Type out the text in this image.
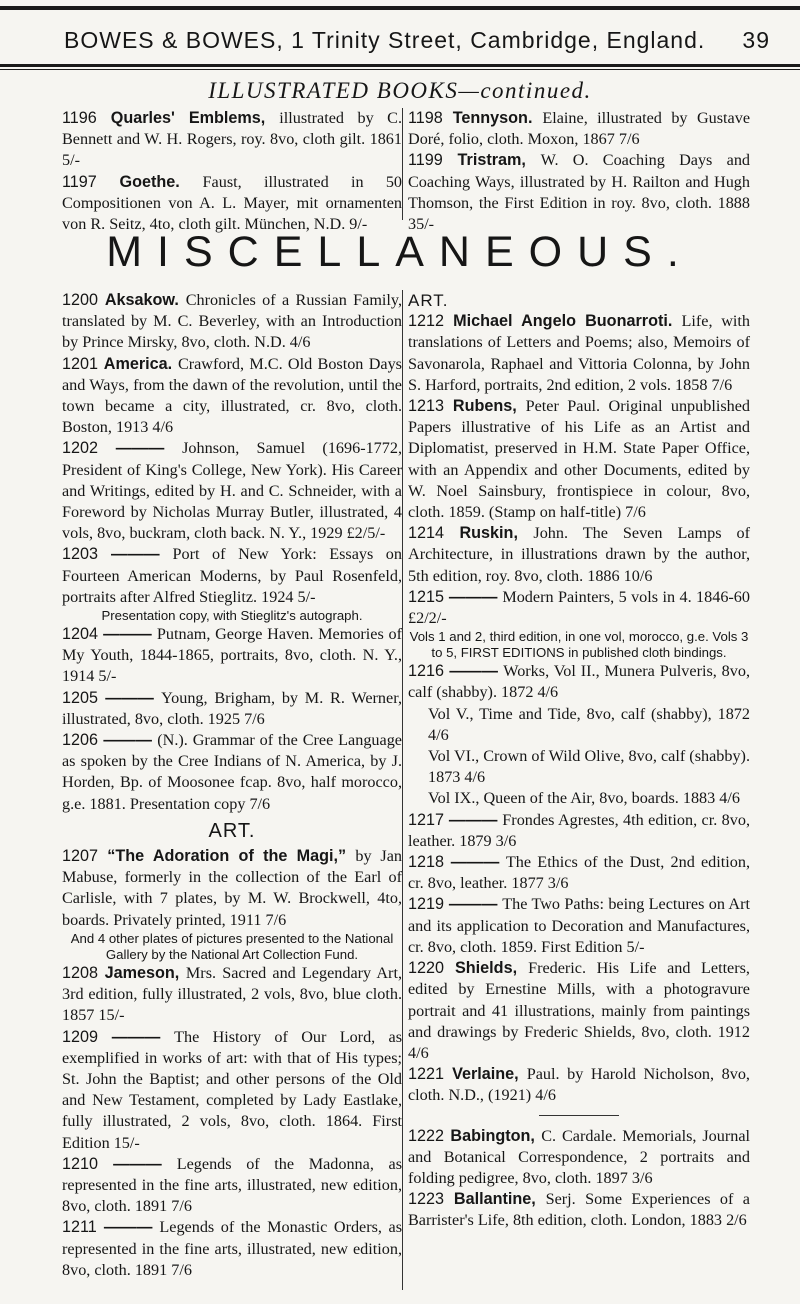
BOWES & BOWES, 1 Trinity Street, Cambridge, England. 39
ILLUSTRATED BOOKS—continued.
1196 Quarles' Emblems, illustrated by C. Bennett and W. H. Rogers, roy. 8vo, cloth gilt. 1861 5/-
1197 Goethe. Faust, illustrated in 50 Compositionen von A. L. Mayer, mit ornamenten von R. Seitz, 4to, cloth gilt. München, N.D. 9/-
1198 Tennyson. Elaine, illustrated by Gustave Doré, folio, cloth. Moxon, 1867 7/6
1199 Tristram, W. O. Coaching Days and Coaching Ways, illustrated by H. Railton and Hugh Thomson, the First Edition in roy. 8vo, cloth. 1888 35/-
MISCELLANEOUS.
1200 Aksakow. Chronicles of a Russian Family, translated by M. C. Beverley, with an Introduction by Prince Mirsky, 8vo, cloth. N.D. 4/6
1201 America. Crawford, M.C. Old Boston Days and Ways, from the dawn of the revolution, until the town became a city, illustrated, cr. 8vo, cloth. Boston, 1913 4/6
1202 ——— Johnson, Samuel (1696-1772, President of King's College, New York). His Career and Writings, edited by H. and C. Schneider, with a Foreword by Nicholas Murray Butler, illustrated, 4 vols, 8vo, buckram, cloth back. N. Y., 1929 £2/5/-
1203 ——— Port of New York: Essays on Fourteen American Moderns, by Paul Rosenfeld, portraits after Alfred Stieglitz. 1924 5/-
Presentation copy, with Stieglitz's autograph.
1204 ——— Putnam, George Haven. Memories of My Youth, 1844-1865, portraits, 8vo, cloth. N. Y., 1914 5/-
1205 ——— Young, Brigham, by M. R. Werner, illustrated, 8vo, cloth. 1925 7/6
1206 ——— (N.). Grammar of the Cree Language as spoken by the Cree Indians of N. America, by J. Horden, Bp. of Moosonee fcap. 8vo, half morocco, g.e. 1881. Presentation copy 7/6
ART.
1207 “The Adoration of the Magi,” by Jan Mabuse, formerly in the collection of the Earl of Carlisle, with 7 plates, by M. W. Brockwell, 4to, boards. Privately printed, 1911 7/6
And 4 other plates of pictures presented to the National Gallery by the National Art Collection Fund.
1208 Jameson, Mrs. Sacred and Legendary Art, 3rd edition, fully illustrated, 2 vols, 8vo, blue cloth. 1857 15/-
1209 ——— The History of Our Lord, as exemplified in works of art: with that of His types; St. John the Baptist; and other persons of the Old and New Testament, completed by Lady Eastlake, fully illustrated, 2 vols, 8vo, cloth. 1864. First Edition 15/-
1210 ——— Legends of the Madonna, as represented in the fine arts, illustrated, new edition, 8vo, cloth. 1891 7/6
1211 ——— Legends of the Monastic Orders, as represented in the fine arts, illustrated, new edition, 8vo, cloth. 1891 7/6
ART.
1212 Michael Angelo Buonarroti. Life, with translations of Letters and Poems; also, Memoirs of Savonarola, Raphael and Vittoria Colonna, by John S. Harford, portraits, 2nd edition, 2 vols. 1858 7/6
1213 Rubens, Peter Paul. Original unpublished Papers illustrative of his Life as an Artist and Diplomatist, preserved in H.M. State Paper Office, with an Appendix and other Documents, edited by W. Noel Sainsbury, frontispiece in colour, 8vo, cloth. 1859. (Stamp on half-title) 7/6
1214 Ruskin, John. The Seven Lamps of Architecture, in illustrations drawn by the author, 5th edition, roy. 8vo, cloth. 1886 10/6
1215 ——— Modern Painters, 5 vols in 4. 1846-60 £2/2/-
Vols 1 and 2, third edition, in one vol, morocco, g.e. Vols 3 to 5, FIRST EDITIONS in published cloth bindings.
1216 ——— Works, Vol II., Munera Pulveris, 8vo, calf (shabby). 1872 4/6
Vol V., Time and Tide, 8vo, calf (shabby), 1872 4/6
Vol VI., Crown of Wild Olive, 8vo, calf (shabby). 1873 4/6
Vol IX., Queen of the Air, 8vo, boards. 1883 4/6
1217 ——— Frondes Agrestes, 4th edition, cr. 8vo, leather. 1879 3/6
1218 ——— The Ethics of the Dust, 2nd edition, cr. 8vo, leather. 1877 3/6
1219 ——— The Two Paths: being Lectures on Art and its application to Decoration and Manufactures, cr. 8vo, cloth. 1859. First Edition 5/-
1220 Shields, Frederic. His Life and Letters, edited by Ernestine Mills, with a photogravure portrait and 41 illustrations, mainly from paintings and drawings by Frederic Shields, 8vo, cloth. 1912 4/6
1221 Verlaine, Paul. by Harold Nicholson, 8vo, cloth. N.D., (1921) 4/6
1222 Babington, C. Cardale. Memorials, Journal and Botanical Correspondence, 2 portraits and folding pedigree, 8vo, cloth. 1897 3/6
1223 Ballantine, Serj. Some Experiences of a Barrister's Life, 8th edition, cloth. London, 1883 2/6
